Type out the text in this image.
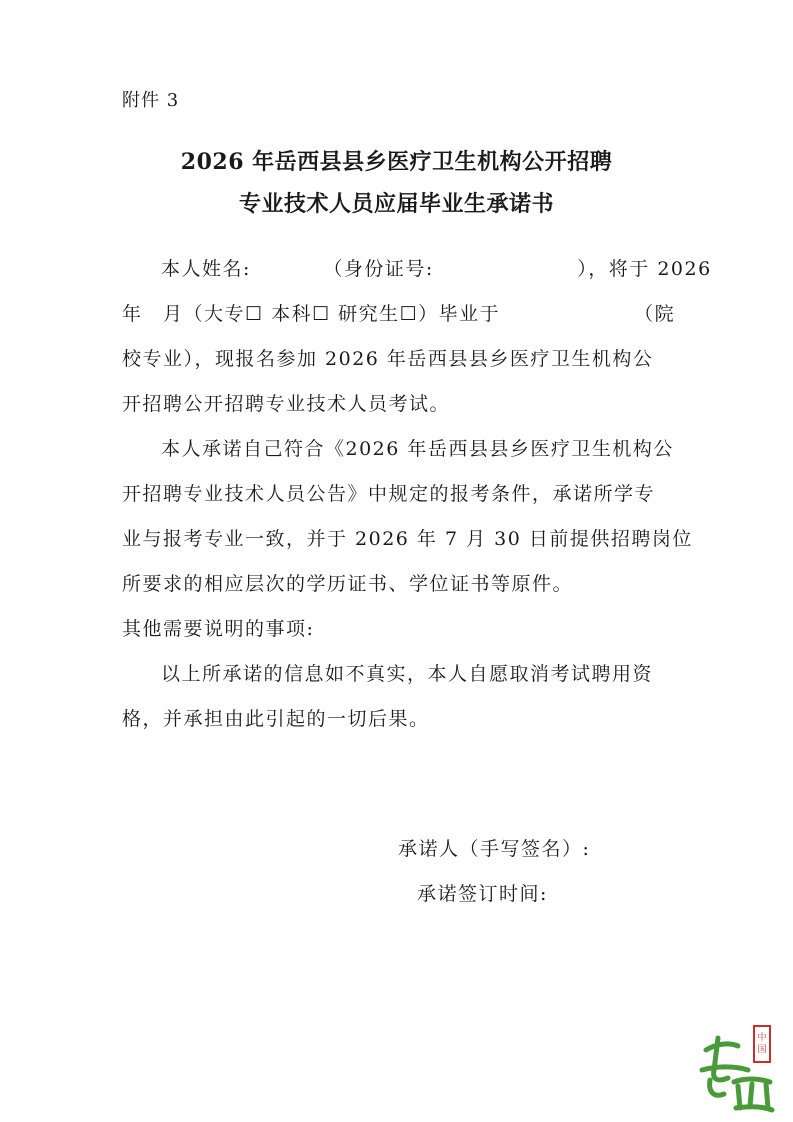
附件 3
2026 年岳西县县乡医疗卫生机构公开招聘
专业技术人员应届毕业生承诺书
本人姓名:　　　　（身份证号:　　　　　　　），将于 2026
年　月（大专☐ 本科☐ 研究生☐）毕业于　　　　　　　（院
校专业），现报名参加 2026 年岳西县县乡医疗卫生机构公
开招聘公开招聘专业技术人员考试。
本人承诺自己符合《2026 年岳西县县乡医疗卫生机构公
开招聘专业技术人员公告》中规定的报考条件，承诺所学专
业与报考专业一致，并于 2026 年 7 月 30 日前提供招聘岗位
所要求的相应层次的学历证书、学位证书等原件。
其他需要说明的事项:
以上所承诺的信息如不真实，本人自愿取消考试聘用资
格，并承担由此引起的一切后果。
承诺人（手写签名）:
承诺签订时间:
中国
